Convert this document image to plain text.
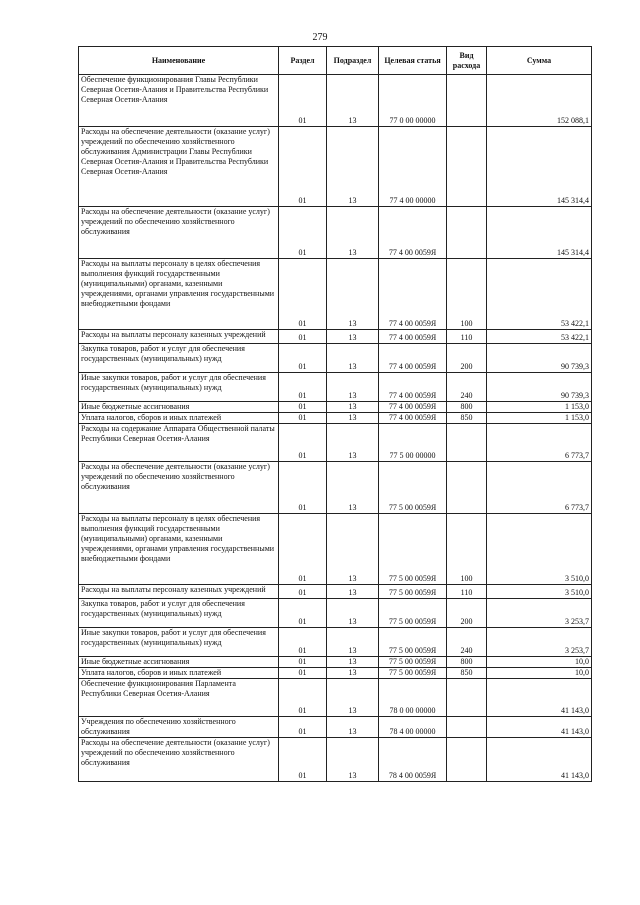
279
Наименование	Раздел	Подраздел	Целевая статья	Вид расхода	Сумма
Обеспечение функционирования Главы Республики Северная Осетия-Алания и Правительства Республики Северная Осетия-Алания	01	13	77 0 00 00000		152 088,1
Расходы на обеспечение деятельности (оказание услуг) учреждений по обеспечению хозяйственного обслуживания Администрации Главы Республики Северная Осетия-Алания и Правительства Республики Северная Осетия-Алания	01	13	77 4 00 00000		145 314,4
Расходы на обеспечение деятельности (оказание услуг) учреждений по обеспечению хозяйственного обслуживания	01	13	77 4 00 0059Я		145 314,4
Расходы на выплаты персоналу в целях обеспечения выполнения функций государственными (муниципальными) органами, казенными учреждениями, органами управления государственными внебюджетными фондами	01	13	77 4 00 0059Я	100	53 422,1
Расходы на выплаты персоналу казенных учреждений	01	13	77 4 00 0059Я	110	53 422,1
Закупка товаров, работ и услуг для обеспечения государственных (муниципальных) нужд	01	13	77 4 00 0059Я	200	90 739,3
Иные закупки товаров, работ и услуг для обеспечения государственных (муниципальных) нужд	01	13	77 4 00 0059Я	240	90 739,3
Иные бюджетные ассигнования	01	13	77 4 00 0059Я	800	1 153,0
Уплата налогов, сборов и иных платежей	01	13	77 4 00 0059Я	850	1 153,0
Расходы на содержание Аппарата Общественной палаты Республики Северная Осетия-Алания	01	13	77 5 00 00000		6 773,7
Расходы на обеспечение деятельности (оказание услуг) учреждений по обеспечению хозяйственного обслуживания	01	13	77 5 00 0059Я		6 773,7
Расходы на выплаты персоналу в целях обеспечения выполнения функций государственными (муниципальными) органами, казенными учреждениями, органами управления государственными внебюджетными фондами	01	13	77 5 00 0059Я	100	3 510,0
Расходы на выплаты персоналу казенных учреждений	01	13	77 5 00 0059Я	110	3 510,0
Закупка товаров, работ и услуг для обеспечения государственных (муниципальных) нужд	01	13	77 5 00 0059Я	200	3 253,7
Иные закупки товаров, работ и услуг для обеспечения государственных (муниципальных) нужд	01	13	77 5 00 0059Я	240	3 253,7
Иные бюджетные ассигнования	01	13	77 5 00 0059Я	800	10,0
Уплата налогов, сборов и иных платежей	01	13	77 5 00 0059Я	850	10,0
Обеспечение функционирования Парламента Республики Северная Осетия-Алания	01	13	78 0 00 00000		41 143,0
Учреждения по обеспечению хозяйственного обслуживания	01	13	78 4 00 00000		41 143,0
Расходы на обеспечение деятельности (оказание услуг) учреждений по обеспечению хозяйственного обслуживания	01	13	78 4 00 0059Я		41 143,0
